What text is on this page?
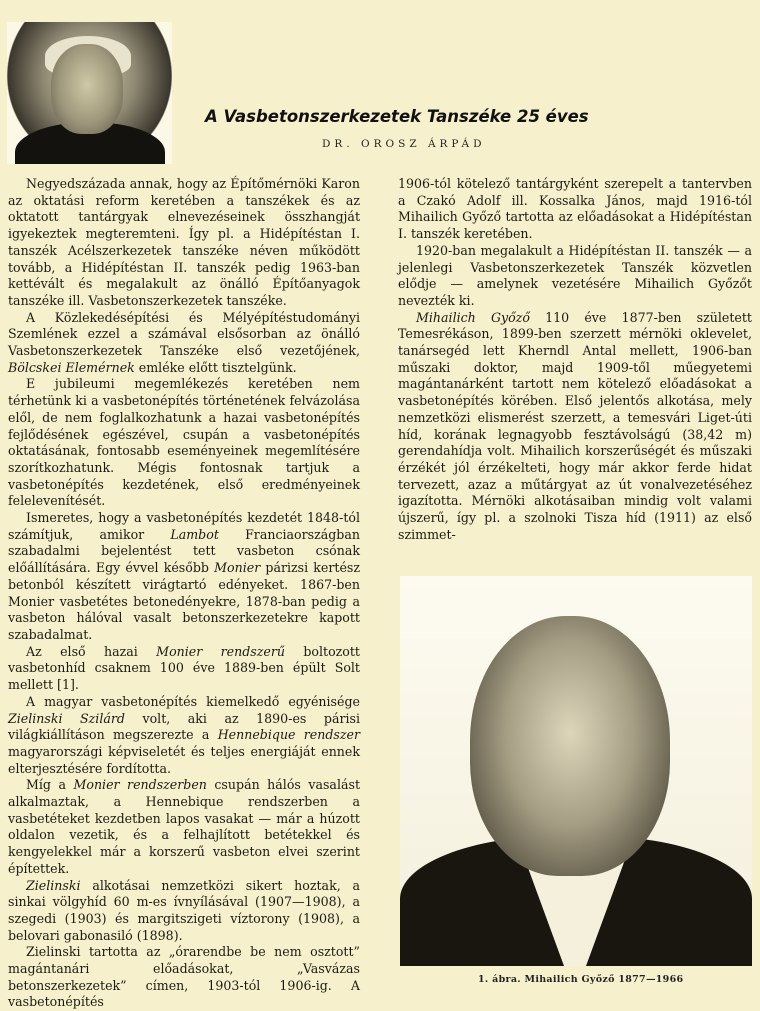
A Vasbetonszerkezetek Tanszéke 25 éves
DR. OROSZ ÁRPÁD

Negyedszázada annak, hogy az Építőmérnöki Karon az oktatási reform keretében a tanszékek és az oktatott tantárgyak elnevezéseinek összhangját igyekeztek megteremteni. Így pl. a Hidépítéstan I. tanszék Acélszerkezetek tanszéke néven működött tovább, a Hidépítéstan II. tanszék pedig 1963-ban kettévált és megalakult az önálló Építőanyagok tanszéke ill. Vasbetonszerkezetek tanszéke.

A Közlekedésépítési és Mélyépítéstudományi Szemlének ezzel a számával elsősorban az önálló Vasbetonszerkezetek Tanszéke első vezetőjének, Bölcskei Elemérnek emléke előtt tisztelgünk.

E jubileumi megemlékezés keretében nem térhetünk ki a vasbetonépítés történetének felvázolása elől, de nem foglalkozhatunk a hazai vasbetonépítés fejlődésének egészével, csupán a vasbetonépítés oktatásának, fontosabb eseményeinek megemlítésére szorítkozhatunk. Mégis fontosnak tartjuk a vasbetonépítés kezdetének, első eredményeinek felelevenítését.

Ismeretes, hogy a vasbetonépítés kezdetét 1848-tól számítjuk, amikor Lambot Franciaországban szabadalmi bejelentést tett vasbeton csónak előállítására. Egy évvel később Monier párizsi kertész betonból készített virágtartó edényeket. 1867-ben Monier vasbetétes betonedényekre, 1878-ban pedig a vasbeton hálóval vasalt betonszerkezetekre kapott szabadalmat.

Az első hazai Monier rendszerű boltozott vasbetonhíd csaknem 100 éve 1889-ben épült Solt mellett [1].

A magyar vasbetonépítés kiemelkedő egyénisége Zielinski Szilárd volt, aki az 1890-es párisi világkiállításon megszerezte a Hennebique rendszer magyarországi képviseletét és teljes energiáját ennek elterjesztésére fordította.

Míg a Monier rendszerben csupán hálós vasalást alkalmaztak, a Hennebique rendszerben a vasbetéteket kezdetben lapos vasakat — már a húzott oldalon vezetik, és a felhajlított betétekkel és kengyelekkel már a korszerű vasbeton elvei szerint építettek.

Zielinski alkotásai nemzetközi sikert hoztak, a sinkai völgyhíd 60 m-es ívnyílásával (1907—1908), a szegedi (1903) és margitszigeti víztorony (1908), a belovari gabonasiló (1898).

Zielinski tartotta az „órarendbe be nem osztott” magántanári előadásokat, „Vasvázas betonszerkezetek” címen, 1903-tól 1906-ig. A vasbetonépítés

1906-tól kötelező tantárgyként szerepelt a tantervben a Czakó Adolf ill. Kossalka János, majd 1916-tól Mihailich Győző tartotta az előadásokat a Hidépítéstan I. tanszék keretében.

1920-ban megalakult a Hidépítéstan II. tanszék — a jelenlegi Vasbetonszerkezetek Tanszék közvetlen elődje — amelynek vezetésére Mihailich Győzőt nevezték ki.

Mihailich Győző 110 éve 1877-ben született Temesrékáson, 1899-ben szerzett mérnöki oklevelet, tanársegéd lett Kherndl Antal mellett, 1906-ban műszaki doktor, majd 1909-től műegyetemi magántanárként tartott nem kötelező előadásokat a vasbetonépítés körében. Első jelentős alkotása, mely nemzetközi elismerést szerzett, a temesvári Liget-úti híd, korának legnagyobb fesztávolságú (38,42 m) gerendahídja volt. Mihailich korszerűségét és műszaki érzékét jól érzékelteti, hogy már akkor ferde hidat tervezett, azaz a műtárgyat az út vonalvezetéséhez igazította. Mérnöki alkotásaiban mindig volt valami újszerű, így pl. a szolnoki Tisza híd (1911) az első szimmet-

1. ábra. Mihailich Győző 1877—1966
